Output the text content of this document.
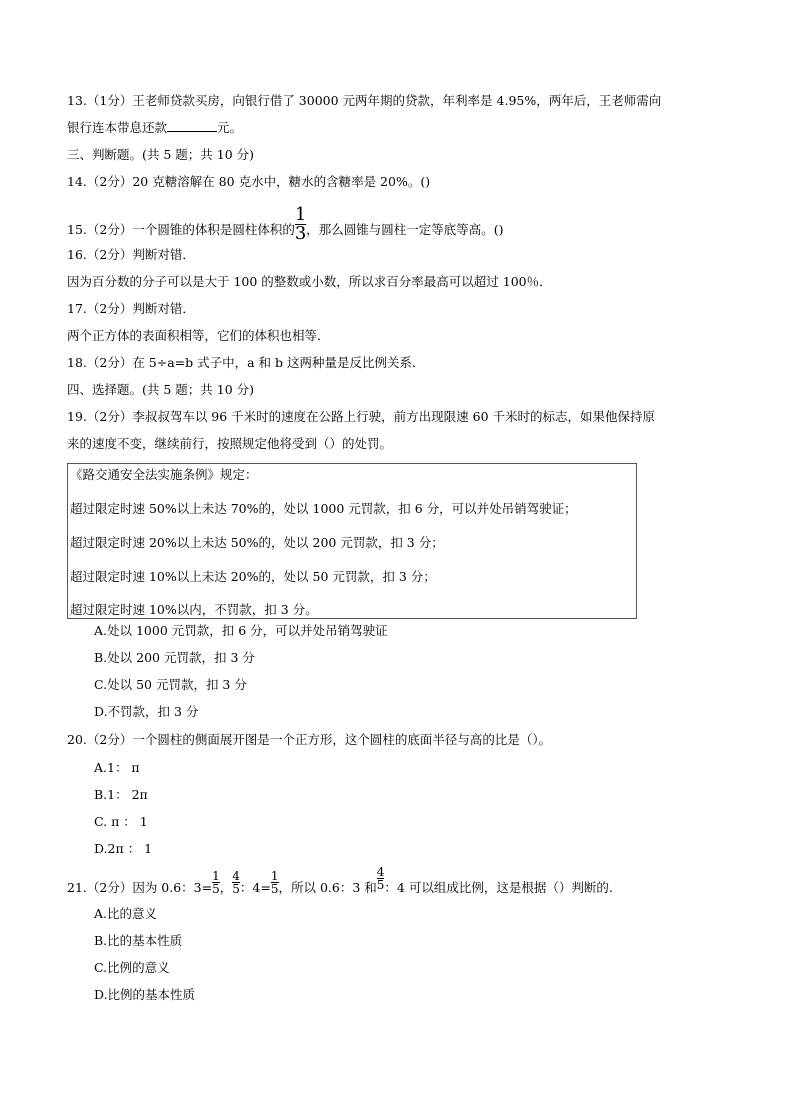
13.（1分）王老师贷款买房，向银行借了 30000 元两年期的贷款，年利率是 4.95%，两年后，王老师需向
银行连本带息还款	元。
三、判断题。(共 5 题；共 10 分)
14.（2分）20 克糖溶解在 80 克水中，糖水的含糖率是 20%。()
15.（2分）一个圆锥的体积是圆柱体积的 $\frac{1}{3}$ ，那么圆锥与圆柱一定等底等高。()
16.（2分）判断对错．
因为百分数的分子可以是大于 100 的整数或小数，所以求百分率最高可以超过 100％．
17.（2分）判断对错．
两个正方体的表面积相等，它们的体积也相等．
18.（2分）在 5÷a=b 式子中，a 和 b 这两种量是反比例关系．
四、选择题。(共 5 题；共 10 分)
19.（2分）李叔叔驾车以 96 千米时的速度在公路上行驶，前方出现限速 60 千米时的标志，如果他保持原
来的速度不变，继续前行，按照规定他将受到（）的处罚。
《路交通安全法实施条例》规定：
超过限定时速 50%以上未达 70%的，处以 1000 元罚款，扣 6 分，可以并处吊销驾驶证；
超过限定时速 20%以上未达 50%的，处以 200 元罚款，扣 3 分；
超过限定时速 10%以上未达 20%的，处以 50 元罚款，扣 3 分；
超过限定时速 10%以内，不罚款，扣 3 分。
A.处以 1000 元罚款，扣 6 分，可以并处吊销驾驶证
B.处以 200 元罚款，扣 3 分
C.处以 50 元罚款，扣 3 分
D.不罚款，扣 3 分
20.（2分）一个圆柱的侧面展开图是一个正方形，这个圆柱的底面半径与高的比是（）。
A.1： π
B.1： 2π
C. π ： 1
D.2π ： 1
21.（2分）因为 0.6：$3= \frac{1}{5}$ ， $\frac{4}{5}$ ：$4= \frac{1}{5}$ ，所以 0.6：3 和 $\frac{4}{5}$ ：4 可以组成比例，这是根据（）判断的.
A.比的意义
B.比的基本性质
C.比例的意义
D.比例的基本性质
